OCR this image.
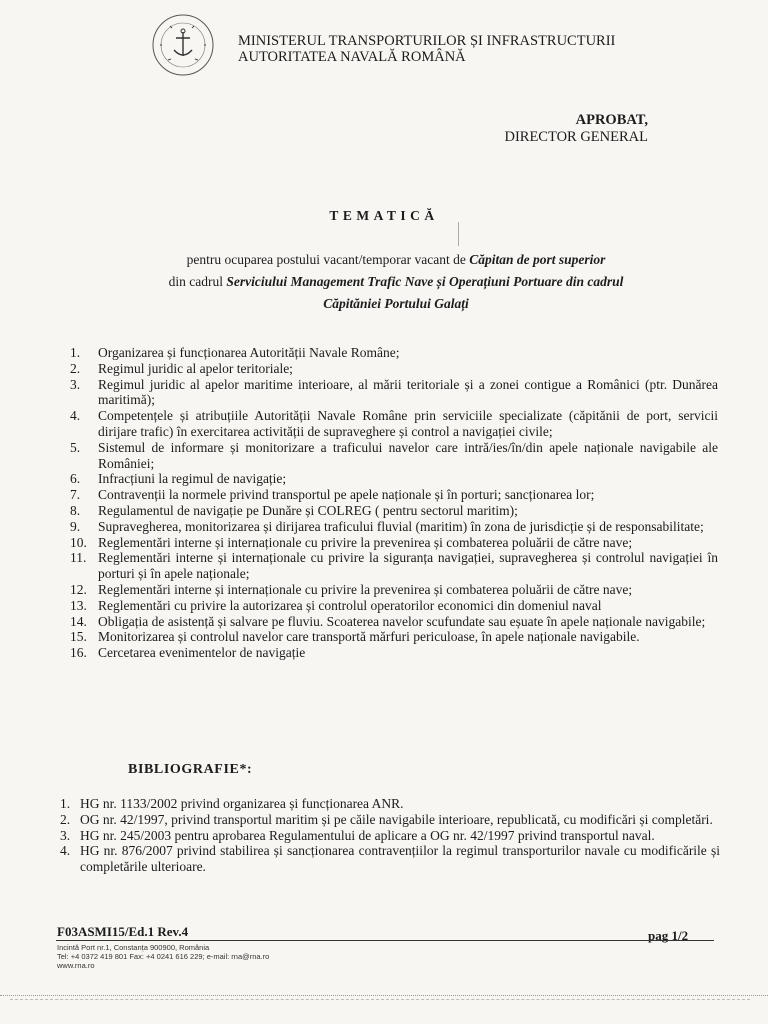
MINISTERUL TRANSPORTURILOR ȘI INFRASTRUCTURII
AUTORITATEA NAVALĂ ROMÂNĂ
APROBAT,
DIRECTOR GENERAL
TEMATICĂ
pentru ocuparea postului vacant/temporar vacant de Căpitan de port superior
din cadrul Serviciului Management Trafic Nave și Operațiuni Portuare din cadrul
Căpităniei Portului Galați
1. Organizarea și funcționarea Autorității Navale Române;
2. Regimul juridic al apelor teritoriale;
3. Regimul juridic al apelor maritime interioare, al mării teritoriale și a zonei contigue a Românici (ptr. Dunărea maritimă);
4. Competențele și atribuțiile Autorității Navale Române prin serviciile specializate (căpitănii de port, servicii dirijare trafic) în exercitarea activității de supraveghere și control a navigației civile;
5. Sistemul de informare și monitorizare a traficului navelor care intră/ies/în/din apele naționale navigabile ale României;
6. Infracțiuni la regimul de navigație;
7. Contravenții la normele privind transportul pe apele naționale și în porturi; sancționarea lor;
8. Regulamentul de navigație pe Dunăre și COLREG ( pentru sectorul maritim);
9. Supravegherea, monitorizarea și dirijarea traficului fluvial (maritim) în zona de jurisdicție și de responsabilitate;
10. Reglementări interne și internaționale cu privire la prevenirea și combaterea poluării de către nave;
11. Reglementări interne și internaționale cu privire la siguranța navigației, supravegherea și controlul navigației în porturi și în apele naționale;
12. Reglementări interne și internaționale cu privire la prevenirea și combaterea poluării de către nave;
13. Reglementări cu privire la autorizarea și controlul operatorilor economici din domeniul naval
14. Obligația de asistență și salvare pe fluviu. Scoaterea navelor scufundate sau eșuate în apele naționale navigabile;
15. Monitorizarea și controlul navelor care transportă mărfuri periculoase, în apele naționale navigabile.
16. Cercetarea evenimentelor de navigație
BIBLIOGRAFIE*:
1. HG nr. 1133/2002 privind organizarea și funcționarea ANR.
2. OG nr. 42/1997, privind transportul maritim și pe căile navigabile interioare, republicată, cu modificări și completări.
3. HG nr. 245/2003 pentru aprobarea Regulamentului de aplicare a OG nr. 42/1997 privind transportul naval.
4. HG nr. 876/2007 privind stabilirea și sancționarea contravențiilor la regimul transporturilor navale cu modificările și completările ulterioare.
F03ASMI15/Ed.1 Rev.4	pag 1/2
Incintă Port nr.1, Constanța 900900, România
Tel: +4 0372 419 801 Fax: +4 0241 616 229; e-mail: rna@rna.ro
www.rna.ro
